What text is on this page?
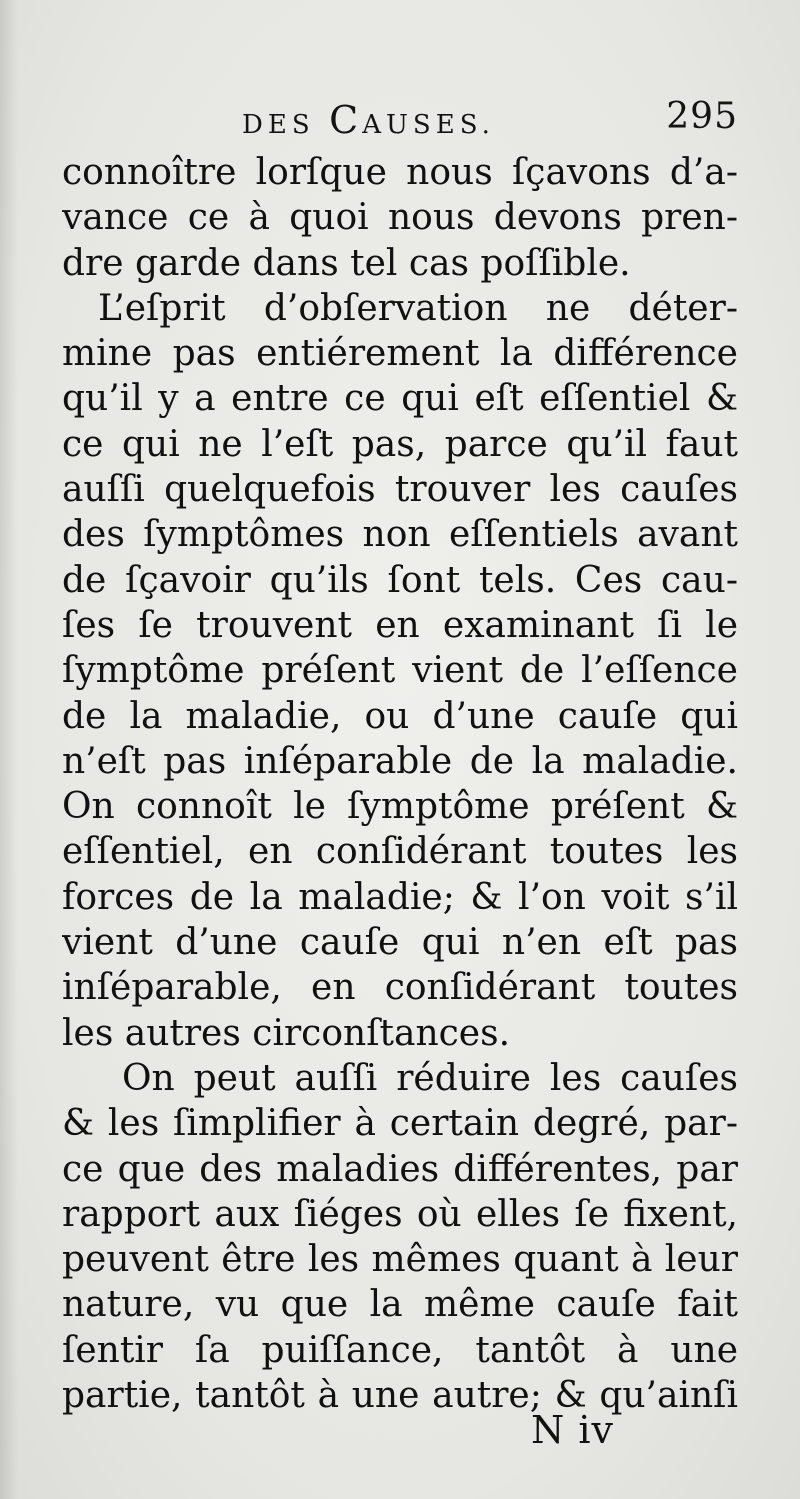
DES CAUSES.	295
connoître lorſque nous ſçavons d’a-
vance ce à quoi nous devons pren-
dre garde dans tel cas poſſible.
L’eſprit d’obſervation ne déter-
mine pas entiérement la différence
qu’il y a entre ce qui eſt eſſentiel &
ce qui ne l’eſt pas, parce qu’il faut
auſſi quelquefois trouver les cauſes
des ſymptômes non eſſentiels avant
de ſçavoir qu’ils ſont tels. Ces cau-
ſes ſe trouvent en examinant ſi le
ſymptôme préſent vient de l’eſſence
de la maladie, ou d’une cauſe qui
n’eſt pas inſéparable de la maladie.
On connoît le ſymptôme préſent &
eſſentiel, en conſidérant toutes les
forces de la maladie; & l’on voit s’il
vient d’une cauſe qui n’en eſt pas
inſéparable, en conſidérant toutes
les autres circonſtances.
On peut auſſi réduire les cauſes
& les ſimplifier à certain degré, par-
ce que des maladies différentes, par
rapport aux ſiéges où elles ſe fixent,
peuvent être les mêmes quant à leur
nature, vu que la même cauſe fait
ſentir ſa puiſſance, tantôt à une
partie, tantôt à une autre; & qu’ainſi
N iv
